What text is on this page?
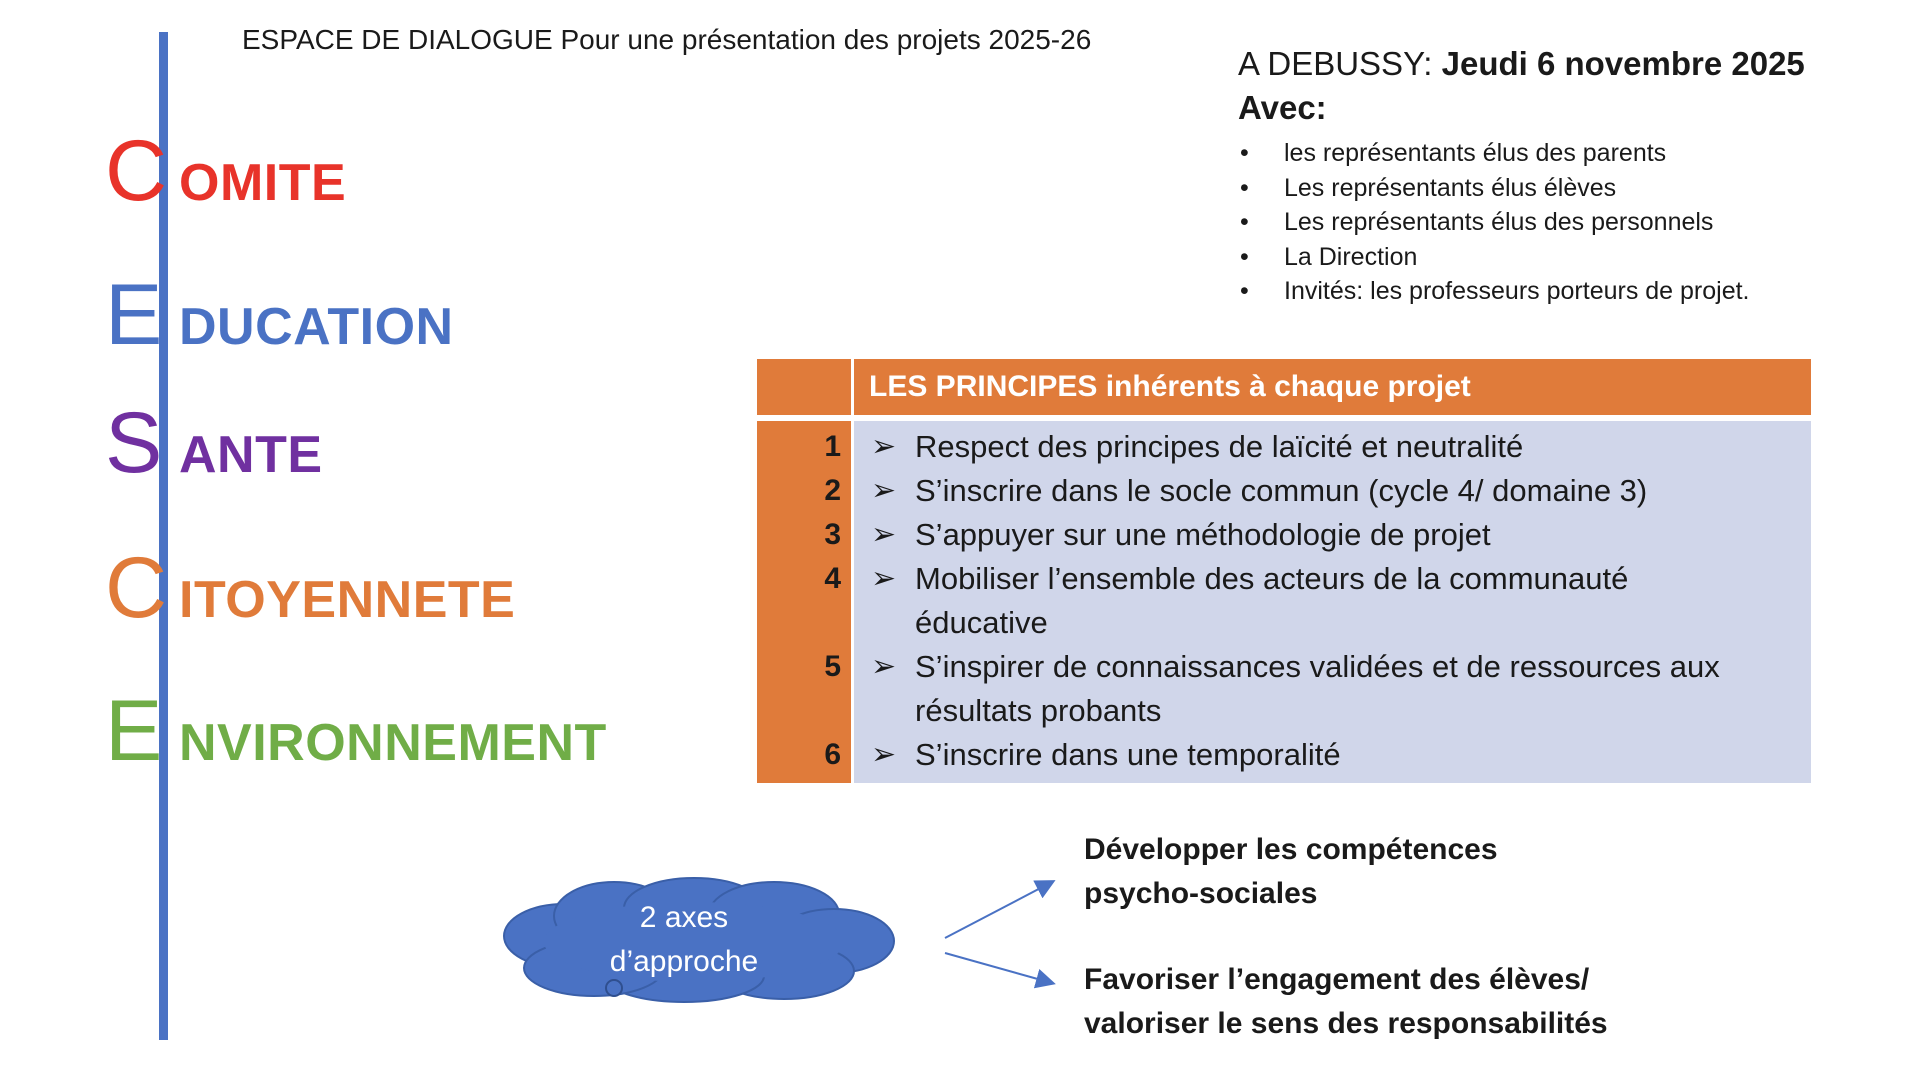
C OMITE
E DUCATION
S ANTE
C ITOYENNETE
E NVIRONNEMENT
ESPACE DE DIALOGUE Pour une présentation des projets 2025-26
A DEBUSSY: Jeudi 6 novembre 2025
Avec:
• les représentants élus des parents
• Les représentants élus élèves
• Les représentants élus des personnels
• La Direction
• Invités: les professeurs porteurs de projet.
LES PRINCIPES inhérents à chaque projet
1 ➢ Respect des principes de laïcité et neutralité
2 ➢ S’inscrire dans le socle commun (cycle 4/ domaine 3)
3 ➢ S’appuyer sur une méthodologie de projet
4 ➢ Mobiliser l’ensemble des acteurs de la communauté
éducative
5 ➢ S’inspirer de connaissances validées et de ressources aux
résultats probants
6 ➢ S’inscrire dans une temporalité
2 axes
d’approche
Développer les compétences
psycho-sociales
Favoriser l’engagement des élèves/
valoriser le sens des responsabilités
